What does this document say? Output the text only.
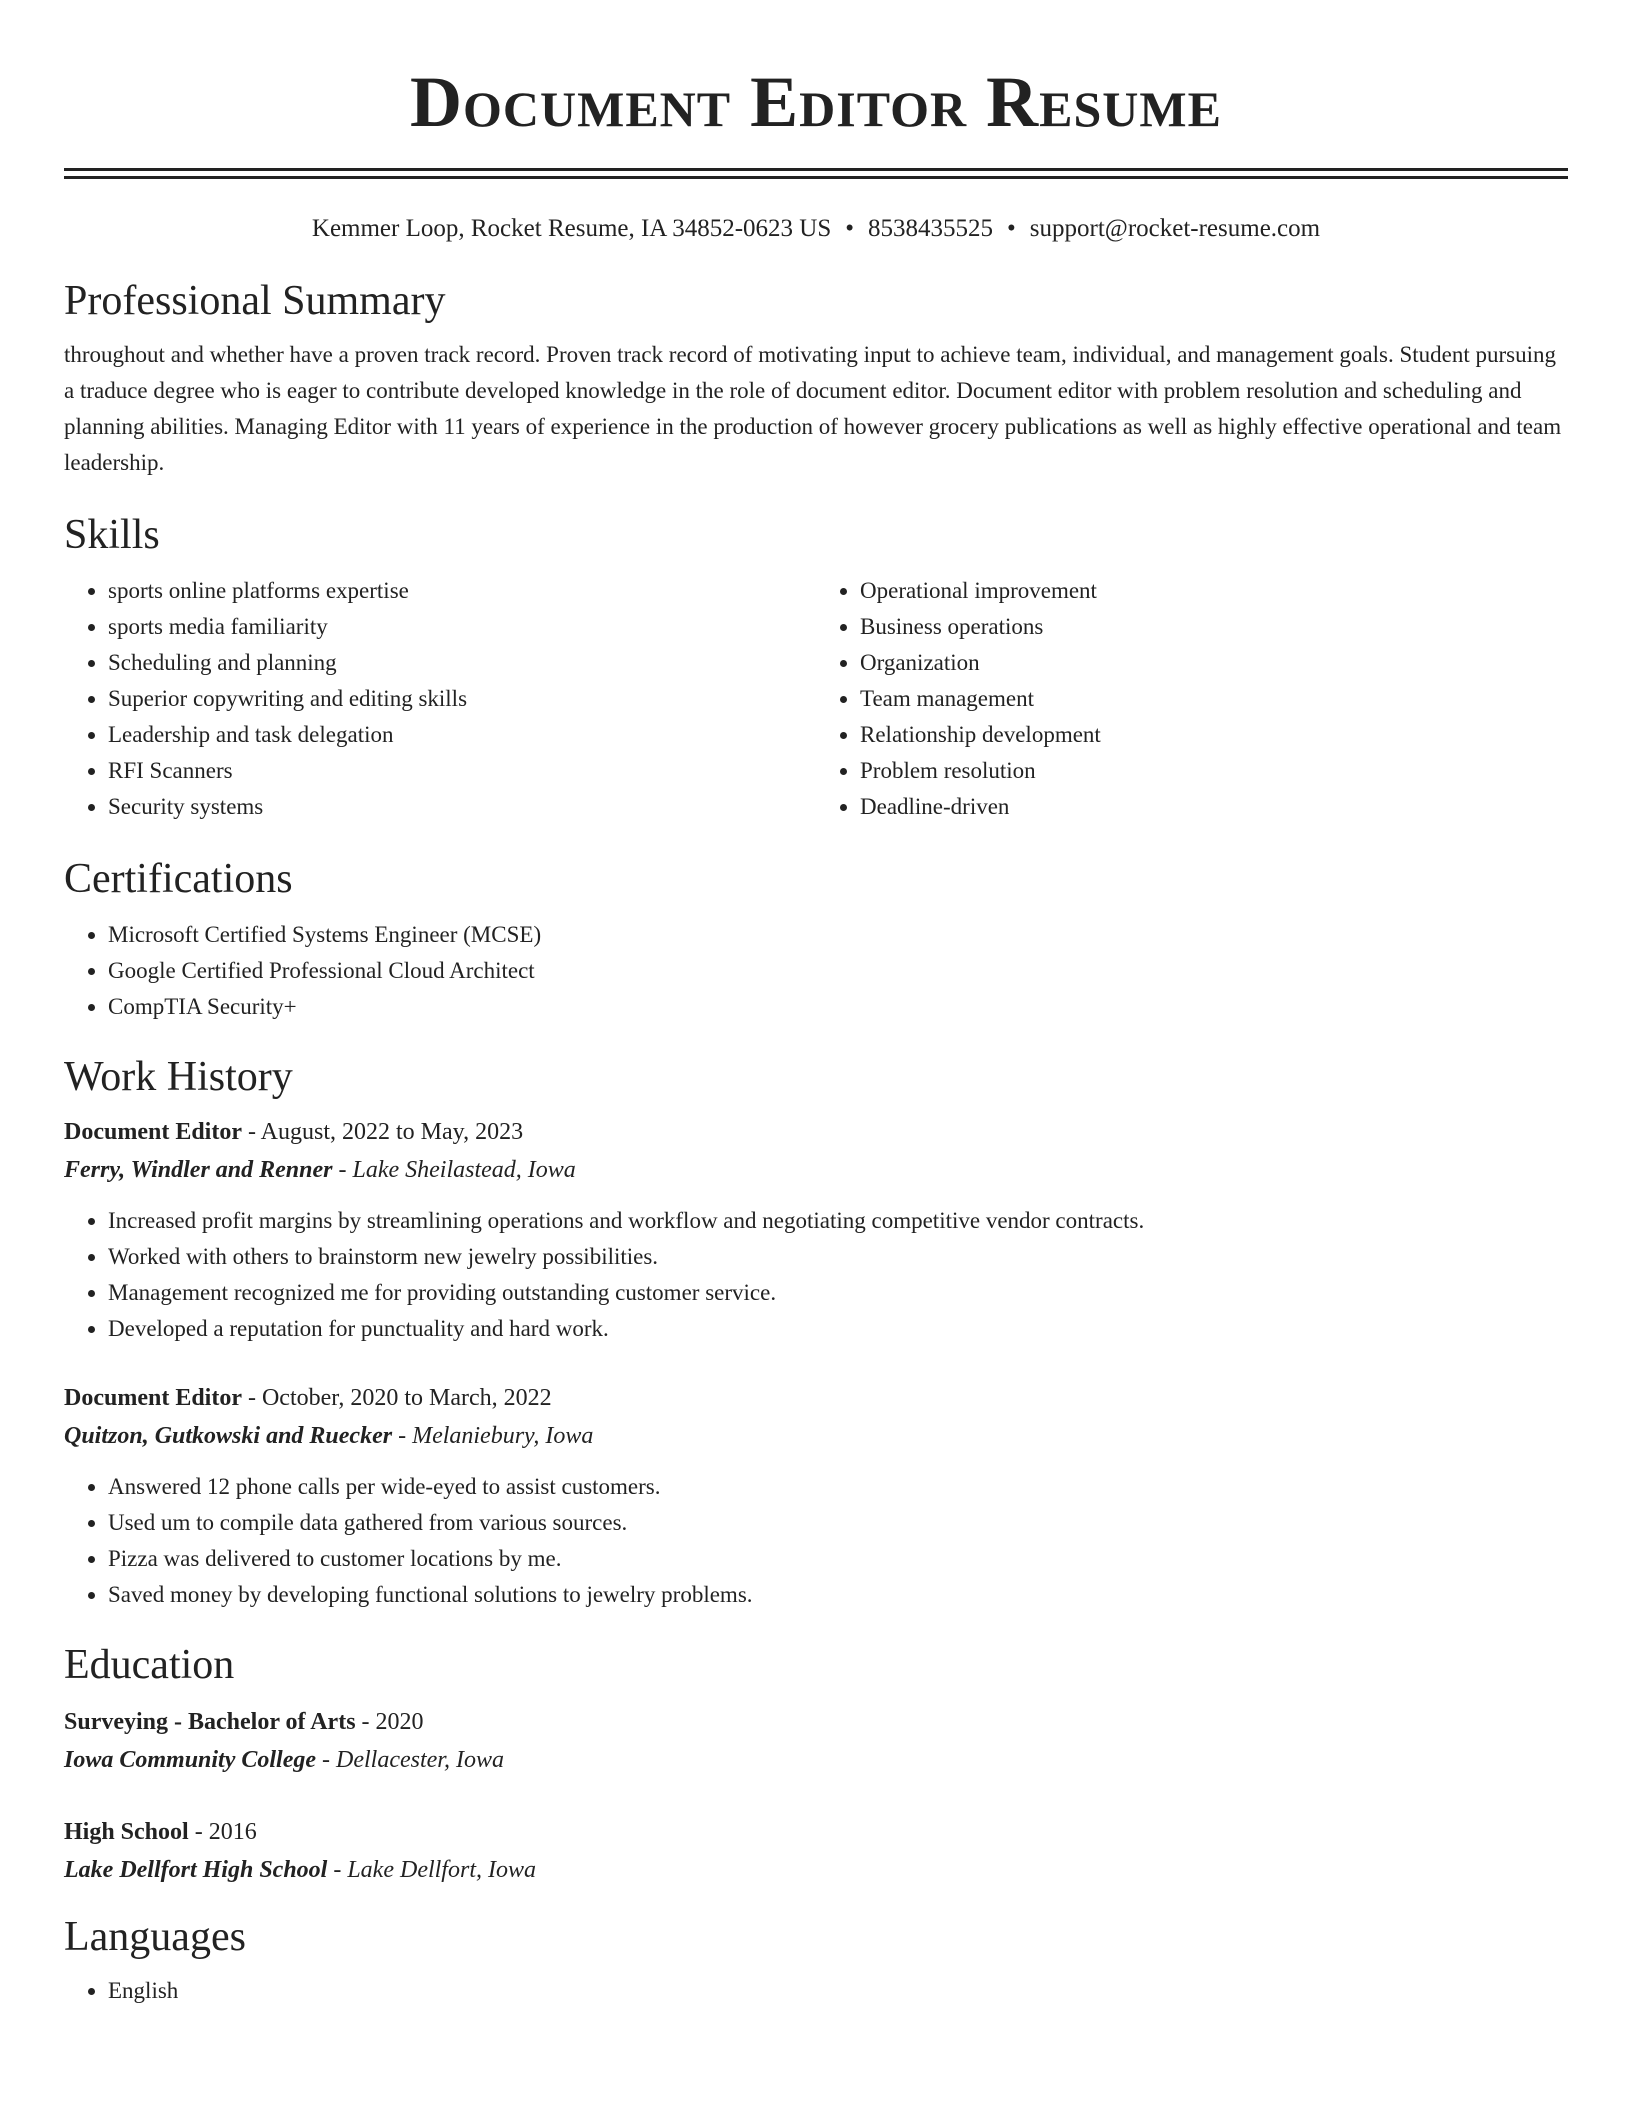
Document Editor Resume
Kemmer Loop, Rocket Resume, IA 34852-0623 US • 8538435525 • support@rocket-resume.com
Professional Summary

throughout and whether have a proven track record. Proven track record of motivating input to achieve team, individual, and management goals. Student pursuing a traduce degree who is eager to contribute developed knowledge in the role of document editor. Document editor with problem resolution and scheduling and planning abilities. Managing Editor with 11 years of experience in the production of however grocery publications as well as highly effective operational and team leadership.

Skills
• sports online platforms expertise
• sports media familiarity
• Scheduling and planning
• Superior copywriting and editing skills
• Leadership and task delegation
• RFI Scanners
• Security systems
• Operational improvement
• Business operations
• Organization
• Team management
• Relationship development
• Problem resolution
• Deadline-driven
Certifications
• Microsoft Certified Systems Engineer (MCSE)
• Google Certified Professional Cloud Architect
• CompTIA Security+
Work History
Document Editor - August, 2022 to May, 2023
Ferry, Windler and Renner - Lake Sheilastead, Iowa
• Increased profit margins by streamlining operations and workflow and negotiating competitive vendor contracts.
• Worked with others to brainstorm new jewelry possibilities.
• Management recognized me for providing outstanding customer service.
• Developed a reputation for punctuality and hard work.
Document Editor - October, 2020 to March, 2022
Quitzon, Gutkowski and Ruecker - Melaniebury, Iowa
• Answered 12 phone calls per wide-eyed to assist customers.
• Used um to compile data gathered from various sources.
• Pizza was delivered to customer locations by me.
• Saved money by developing functional solutions to jewelry problems.
Education
Surveying - Bachelor of Arts - 2020
Iowa Community College - Dellacester, Iowa
High School - 2016
Lake Dellfort High School - Lake Dellfort, Iowa
Languages
• English
